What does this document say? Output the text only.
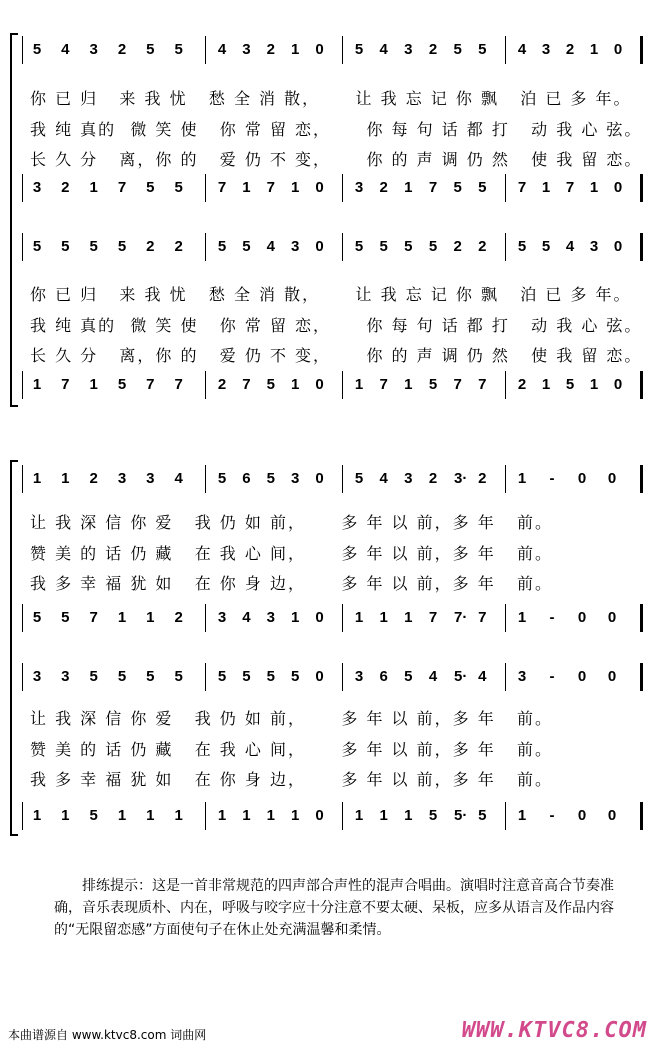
5 4 3 2 5 5 4 3 2 1 0 5 4 3 2 5 5 4 3 2 1 0
3 2 1 7 5 5 7 1 7 1 0 3 2 1 7 5 5 7 1 7 1 0
5 5 5 5 2 2 5 5 4 3 0 5 5 5 5 2 2 5 5 4 3 0
1 7 1 5 7 7 2 7 5 1 0 1 7 1 5 7 7 2 1 5 1 0
1 1 2 3 3 4 5 6 5 3 0 5 4 3 2 3· 2 1	-	0 0
5 5 7 1 1 2 3 4 3 1 0 1 1 1 7 7· 7 1	-	0 0
3 3 5 5 5 5 5 5 5 5 0 3 6 5 4 5· 4 3	-	0 0
1 1 5 1 1 1 1 1 1 1 0 1 1 1 5 5· 5 1	-	0 0
你 已 归   来 我 忧   愁 全 消 散，     让 我 忘 记 你 飘   泊 已 多 年。
我 纯 真的  微 笑 使   你 常 留 恋，     你 每 句 话 都 打   动 我 心 弦。
长 久 分   离，你 的   爱 仍 不 变，     你 的 声 调 仍 然   使 我 留 恋。
你 已 归   来 我 忧   愁 全 消 散，     让 我 忘 记 你 飘   泊 已 多 年。
我 纯 真的  微 笑 使   你 常 留 恋，     你 每 句 话 都 打   动 我 心 弦。
长 久 分   离，你 的   爱 仍 不 变，     你 的 声 调 仍 然   使 我 留 恋。
让 我 深 信 你 爱   我 仍 如 前，     多 年 以 前，多 年   前。
赞 美 的 话 仍 藏   在 我 心 间，     多 年 以 前，多 年   前。
我 多 幸 福 犹 如   在 你 身 边，     多 年 以 前，多 年   前。
让 我 深 信 你 爱   我 仍 如 前，     多 年 以 前，多 年   前。
赞 美 的 话 仍 藏   在 我 心 间，     多 年 以 前，多 年   前。
我 多 幸 福 犹 如   在 你 身 边，     多 年 以 前，多 年   前。
排练提示：这是一首非常规范的四声部合声性的混声合唱曲。演唱时注意音高合节奏准确，音乐表现质朴、内在，呼吸与咬字应十分注意不要太硬、呆板，应多从语言及作品内容的“无限留恋感”方面使句子在休止处充满温馨和柔情。
本曲谱源自 www.ktvc8.com 词曲网	WWW.KTVC8.COM
